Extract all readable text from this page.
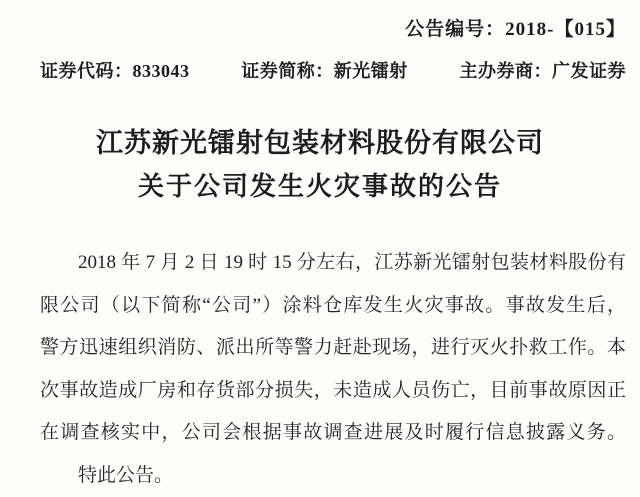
公告编号：2018-【015】
证券代码：833043	证券简称：新光镭射	主办券商：广发证券
江苏新光镭射包装材料股份有限公司
关于公司发生火灾事故的公告
2018 年 7 月 2 日 19 时 15 分左右，江苏新光镭射包装材料股份有
限公司（以下简称“公司”）涂料仓库发生火灾事故。事故发生后，
警方迅速组织消防、派出所等警力赶赴现场，进行灭火扑救工作。本
次事故造成厂房和存货部分损失，未造成人员伤亡，目前事故原因正
在调查核实中，公司会根据事故调查进展及时履行信息披露义务。
特此公告。
